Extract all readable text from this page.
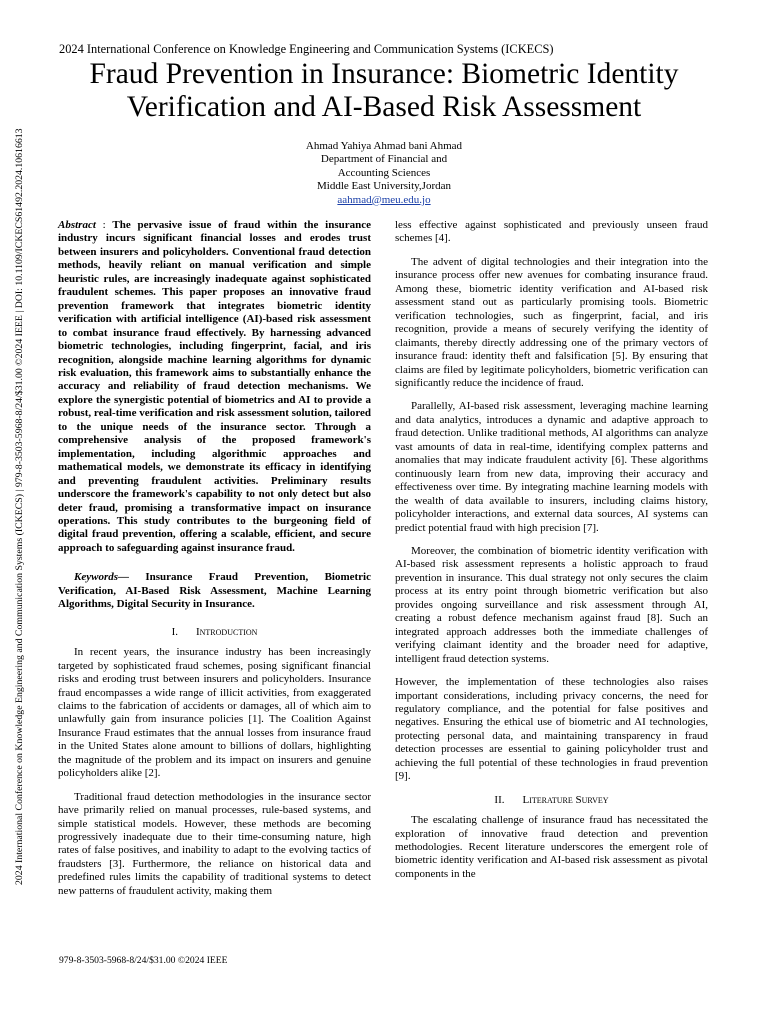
2024 International Conference on Knowledge Engineering and Communication Systems (ICKECS)
Fraud Prevention in Insurance: Biometric Identity
Verification and AI-Based Risk Assessment
Ahmad Yahiya Ahmad bani Ahmad
Department of Financial and
Accounting Sciences
Middle East University,Jordan
aahmad@meu.edu.jo
2024 International Conference on Knowledge Engineering and Communication Systems (ICKECS) | 979-8-3503-5968-8/24/$31.00 ©2024 IEEE | DOI: 10.1109/ICKECS61492.2024.10616613	Abstract : The pervasive issue of fraud within the insurance industry incurs significant financial losses and erodes trust between insurers and policyholders. Conventional fraud detection methods, heavily reliant on manual verification and simple heuristic rules, are increasingly inadequate against sophisticated fraudulent schemes. This paper proposes an innovative fraud prevention framework that integrates biometric identity verification with artificial intelligence (AI)-based risk assessment to combat insurance fraud effectively. By harnessing advanced biometric technologies, including fingerprint, facial, and iris recognition, alongside machine learning algorithms for dynamic risk evaluation, this framework aims to substantially enhance the accuracy and reliability of fraud detection mechanisms. We explore the synergistic potential of biometrics and AI to provide a robust, real-time verification and risk assessment solution, tailored to the unique needs of the insurance sector. Through a comprehensive analysis of the proposed framework's implementation, including algorithmic approaches and mathematical models, we demonstrate its efficacy in identifying and preventing fraudulent activities. Preliminary results underscore the framework's capability to not only detect but also deter fraud, promising a transformative impact on insurance operations. This study contributes to the burgeoning field of digital fraud prevention, offering a scalable, efficient, and secure approach to safeguarding against insurance fraud.

Keywords— Insurance Fraud Prevention, Biometric Verification, AI-Based Risk Assessment, Machine Learning Algorithms, Digital Security in Insurance.

I. Introduction

In recent years, the insurance industry has been increasingly targeted by sophisticated fraud schemes, posing significant financial risks and eroding trust between insurers and policyholders. Insurance fraud encompasses a wide range of illicit activities, from exaggerated claims to the fabrication of accidents or damages, all of which aim to unlawfully gain from insurance policies [1]. The Coalition Against Insurance Fraud estimates that the annual losses from insurance fraud in the United States alone amount to billions of dollars, highlighting the magnitude of the problem and its impact on insurers and genuine policyholders alike [2].

Traditional fraud detection methodologies in the insurance sector have primarily relied on manual processes, rule-based systems, and simple statistical models. However, these methods are becoming progressively inadequate due to their time-consuming nature, high rates of false positives, and inability to adapt to the evolving tactics of fraudsters [3]. Furthermore, the reliance on historical data and predefined rules limits the capability of traditional systems to detect new patterns of fraudulent activity, making them

less effective against sophisticated and previously unseen fraud schemes [4].

The advent of digital technologies and their integration into the insurance process offer new avenues for combating insurance fraud. Among these, biometric identity verification and AI-based risk assessment stand out as particularly promising tools. Biometric verification technologies, such as fingerprint, facial, and iris recognition, provide a means of securely verifying the identity of claimants, thereby directly addressing one of the primary vectors of insurance fraud: identity theft and falsification [5]. By ensuring that claims are filed by legitimate policyholders, biometric verification can significantly reduce the incidence of fraud.

Parallelly, AI-based risk assessment, leveraging machine learning and data analytics, introduces a dynamic and adaptive approach to fraud detection. Unlike traditional methods, AI algorithms can analyze vast amounts of data in real-time, identifying complex patterns and anomalies that may indicate fraudulent activity [6]. These algorithms continuously learn from new data, improving their accuracy and effectiveness over time. By integrating machine learning models with the wealth of data available to insurers, including claims history, policyholder interactions, and external data sources, AI systems can predict potential fraud with high precision [7].

Moreover, the combination of biometric identity verification with AI-based risk assessment represents a holistic approach to fraud prevention in insurance. This dual strategy not only secures the claim process at its entry point through biometric verification but also provides ongoing surveillance and risk assessment through AI, creating a robust defence mechanism against fraud [8]. Such an integrated approach addresses both the immediate challenges of verifying claimant identity and the broader need for adaptive, intelligent fraud detection systems.

However, the implementation of these technologies also raises important considerations, including privacy concerns, the need for regulatory compliance, and the potential for false positives and negatives. Ensuring the ethical use of biometric and AI technologies, protecting personal data, and maintaining transparency in fraud detection processes are essential to gaining policyholder trust and achieving the full potential of these technologies in fraud prevention [9].

II. Literature Survey

The escalating challenge of insurance fraud has necessitated the exploration of innovative fraud detection and prevention methodologies. Recent literature underscores the emergent role of biometric identity verification and AI-based risk assessment as pivotal components in the

979-8-3503-5968-8/24/$31.00 ©2024 IEEE
